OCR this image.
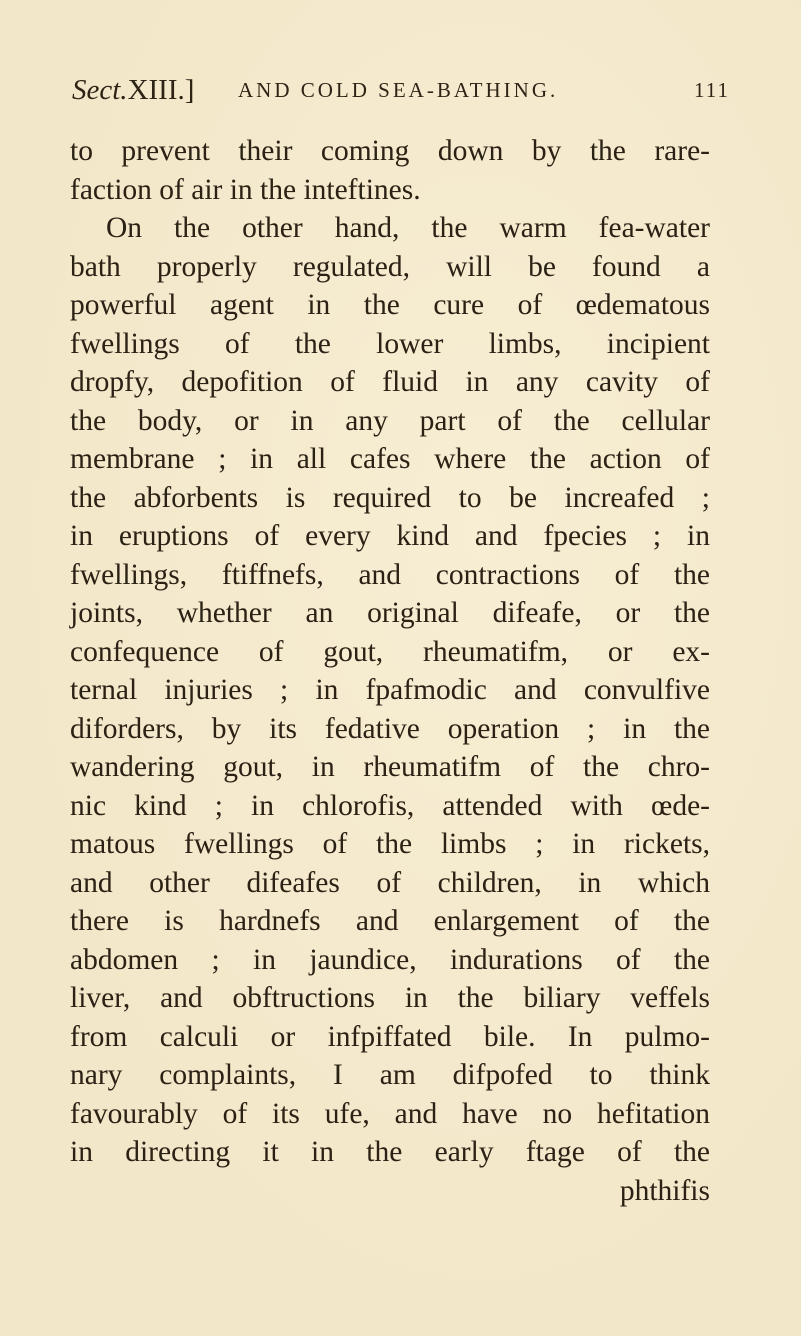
Sect.XIII.] AND COLD SEA-BATHING.	111
to prevent their coming down by the rare-
faction of air in the inteftines.
On the other hand, the warm fea-water
bath properly regulated, will be found a
powerful agent in the cure of œdematous
fwellings of the lower limbs, incipient
dropfy, depofition of fluid in any cavity of
the body, or in any part of the cellular
membrane ; in all cafes where the action of
the abforbents is required to be increafed ;
in eruptions of every kind and fpecies ; in
fwellings, ftiffnefs, and contractions of the
joints, whether an original difeafe, or the
confequence of gout, rheumatifm, or ex-
ternal injuries ; in fpafmodic and convulfive
diforders, by its fedative operation ; in the
wandering gout, in rheumatifm of the chro-
nic kind ; in chlorofis, attended with œde-
matous fwellings of the limbs ; in rickets,
and other difeafes of children, in which
there is hardnefs and enlargement of the
abdomen ; in jaundice, indurations of the
liver, and obftructions in the biliary veffels
from calculi or infpiffated bile. In pulmo-
nary complaints, I am difpofed to think
favourably of its ufe, and have no hefitation
in directing it in the early ftage of the
phthifis
